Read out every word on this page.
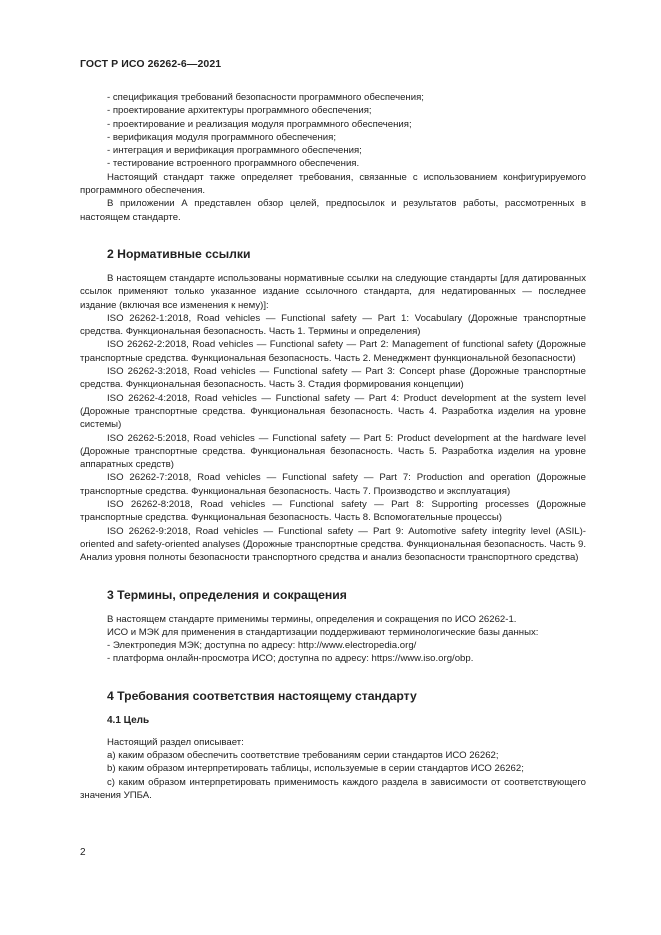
ГОСТ Р ИСО 26262-6—2021

- спецификация требований безопасности программного обеспечения;

- проектирование архитектуры программного обеспечения;

- проектирование и реализация модуля программного обеспечения;

- верификация модуля программного обеспечения;

- интеграция и верификация программного обеспечения;

- тестирование встроенного программного обеспечения.

Настоящий стандарт также определяет требования, связанные с использованием конфигурируемого программного обеспечения.

В приложении А представлен обзор целей, предпосылок и результатов работы, рассмотренных в настоящем стандарте.

2 Нормативные ссылки

В настоящем стандарте использованы нормативные ссылки на следующие стандарты [для датированных ссылок применяют только указанное издание ссылочного стандарта, для недатированных — последнее издание (включая все изменения к нему)]:

ISO 26262-1:2018, Road vehicles — Functional safety — Part 1: Vocabulary (Дорожные транспортные средства. Функциональная безопасность. Часть 1. Термины и определения)

ISO 26262-2:2018, Road vehicles — Functional safety — Part 2: Management of functional safety (Дорожные транспортные средства. Функциональная безопасность. Часть 2. Менеджмент функциональной безопасности)

ISO 26262-3:2018, Road vehicles — Functional safety — Part 3: Concept phase (Дорожные транспортные средства. Функциональная безопасность. Часть 3. Стадия формирования концепции)

ISO 26262-4:2018, Road vehicles — Functional safety — Part 4: Product development at the system level (Дорожные транспортные средства. Функциональная безопасность. Часть 4. Разработка изделия на уровне системы)

ISO 26262-5:2018, Road vehicles — Functional safety — Part 5: Product development at the hardware level (Дорожные транспортные средства. Функциональная безопасность. Часть 5. Разработка изделия на уровне аппаратных средств)

ISO 26262-7:2018, Road vehicles — Functional safety — Part 7: Production and operation (Дорожные транспортные средства. Функциональная безопасность. Часть 7. Производство и эксплуатация)

ISO 26262-8:2018, Road vehicles — Functional safety — Part 8: Supporting processes (Дорожные транспортные средства. Функциональная безопасность. Часть 8. Вспомогательные процессы)

ISO 26262-9:2018, Road vehicles — Functional safety — Part 9: Automotive safety integrity level (ASIL)-oriented and safety-oriented analyses (Дорожные транспортные средства. Функциональная безопасность. Часть 9. Анализ уровня полноты безопасности транспортного средства и анализ безопасности транспортного средства)

3 Термины, определения и сокращения

В настоящем стандарте применимы термины, определения и сокращения по ИСО 26262-1.

ИСО и МЭК для применения в стандартизации поддерживают терминологические базы данных:

- Электропедия МЭК; доступна по адресу: http://www.electropedia.org/

- платформа онлайн-просмотра ИСО; доступна по адресу: https://www.iso.org/obp.

4 Требования соответствия настоящему стандарту
4.1 Цель

Настоящий раздел описывает:

a) каким образом обеспечить соответствие требованиям серии стандартов ИСО 26262;

b) каким образом интерпретировать таблицы, используемые в серии стандартов ИСО 26262;

c) каким образом интерпретировать применимость каждого раздела в зависимости от соответствующего значения УПБА.

2
